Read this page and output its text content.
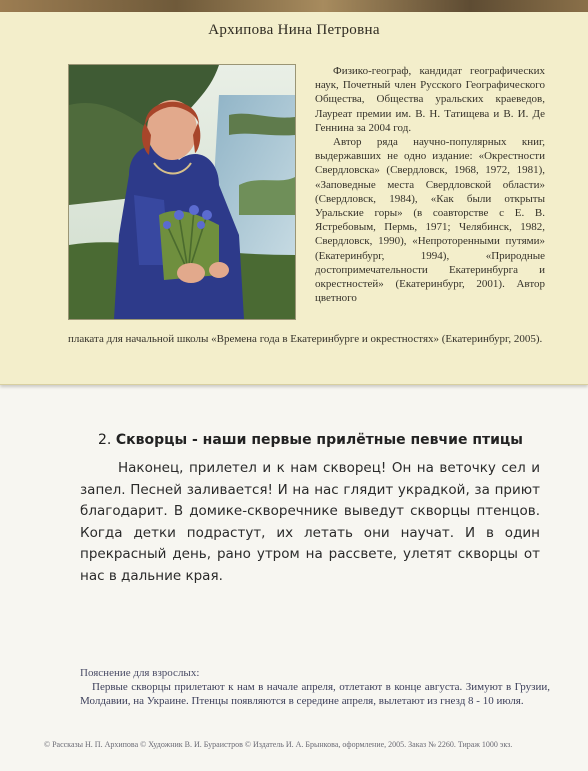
Архипова Нина Петровна

Физико-географ, кандидат географических наук, Почетный член Русского Географического Общества, Общества уральских краеведов, Лауреат премии им. В. Н. Татищева и В. И. Де Геннина за 2004 год.

Автор ряда научно-популярных книг, выдержавших не одно издание: «Окрестности Свердловска» (Свердловск, 1968, 1972, 1981), «Заповедные места Свердловской области» (Свердловск, 1984), «Как были открыты Уральские горы» (в соавторстве с Е. В. Ястребовым, Пермь, 1971; Челябинск, 1982, Свердловск, 1990), «Непроторенными путями» (Екатеринбург, 1994), «Природные достопримечательности Екатеринбурга и окрестностей» (Екатеринбург, 2001). Автор цветного

плаката для начальной школы «Времена года в Екатеринбурге и окрестностях» (Екатеринбург, 2005).
2. Скворцы - наши первые прилётные певчие птицы

Наконец, прилетел и к нам скворец! Он на веточку сел и запел. Песней заливается! И на нас глядит украдкой, за приют благодарит. В домике-скворечнике выведут скворцы птенцов. Когда детки подрастут, их летать они научат. И в один прекрасный день, рано утром на рассвете, улетят скворцы от нас в дальние края.

Пояснение для взрослых:
Первые скворцы прилетают к нам в начале апреля, отлетают в конце августа. Зимуют в Грузии, Молдавии, на Украине. Птенцы появляются в середине апреля, вылетают из гнезд 8 - 10 июля.
© Рассказы Н. П. Архипова © Художник В. И. Бураистров © Издатель И. А. Брынкова, оформление, 2005. Заказ № 2260. Тираж 1000 экз.
